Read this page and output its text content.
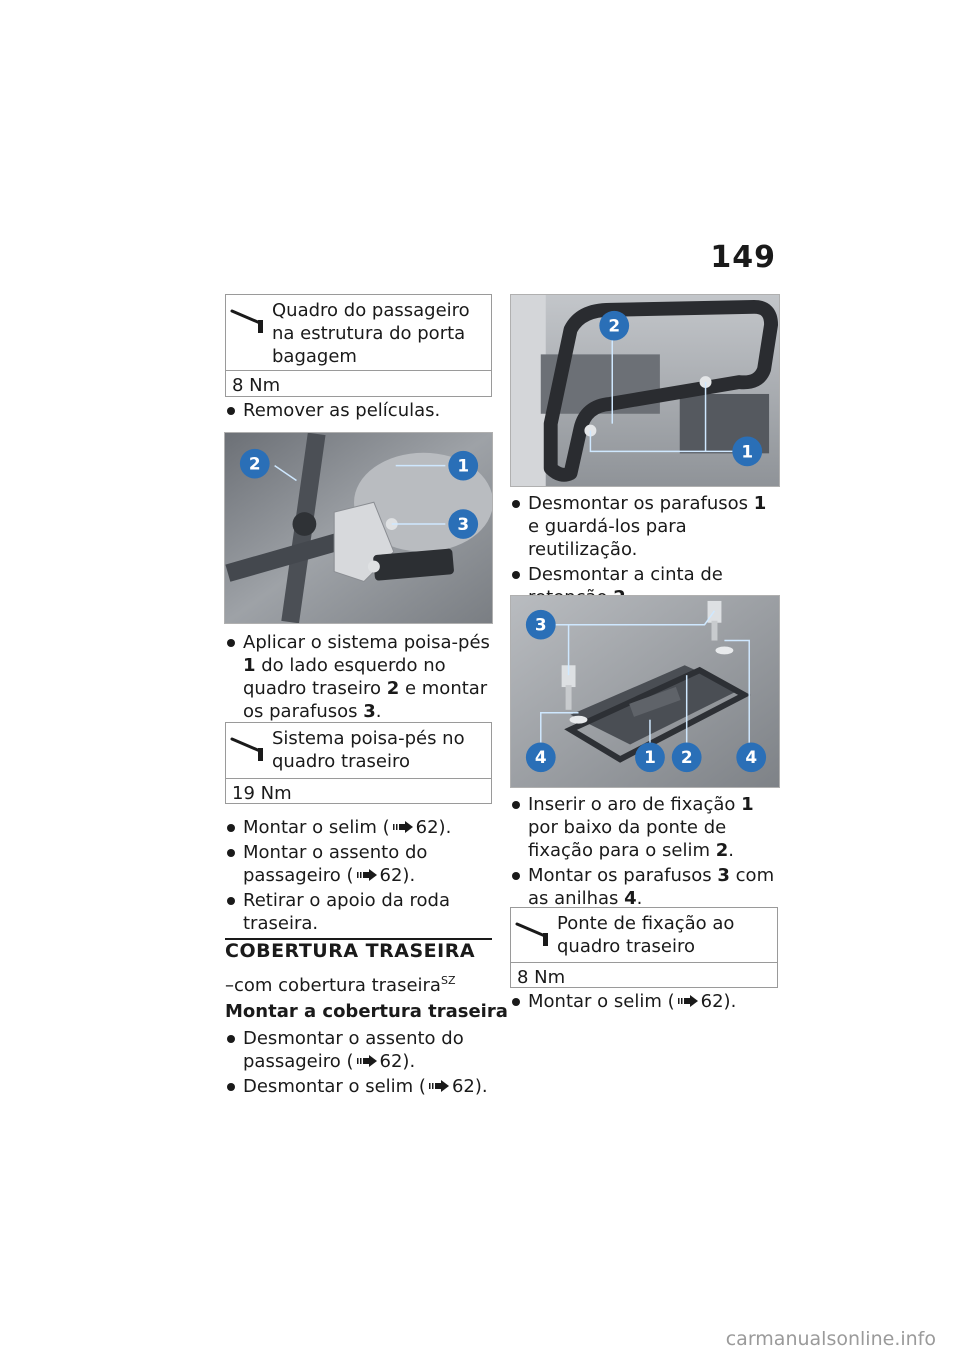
149
Quadro do passageiro na estrutura do porta bagagem
8 Nm
Remover as películas.
2	1
3
Aplicar o sistema poisa-pés 1 do lado esquerdo no quadro traseiro 2 e montar os parafusos 3.
Sistema poisa-pés no quadro traseiro
19 Nm
Montar o selim ( 62).
Montar o assento do passageiro ( 62).
Retirar o apoio da roda traseira.
COBERTURA TRASEIRA
–com cobertura traseira$^{SZ}$
Montar a cobertura traseira
Desmontar o assento do passageiro ( 62).
Desmontar o selim ( 62).
2
1
Desmontar os parafusos 1 e guardá-los para reutilização.
Desmontar a cinta de
3
4	1 2	4
Inserir o aro de fixação 1 por baixo da ponte de fixação para o selim 2.
Montar os parafusos 3 com as anilhas 4.
Ponte de fixação ao quadro traseiro
8 Nm
Montar o selim ( 62).
carmanualsonline.info
